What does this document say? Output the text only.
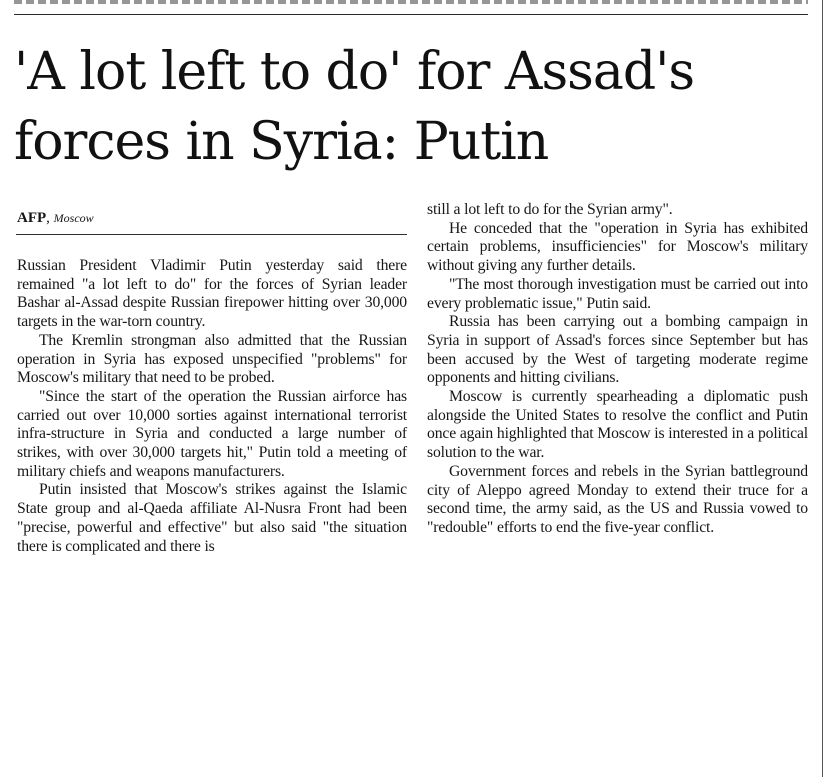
'A lot left to do' for Assad's
forces in Syria: Putin
AFP, Moscow

Russian President Vladimir Putin yesterday said there remained "a lot left to do" for the forces of Syrian leader Bashar al-Assad despite Russian firepower hitting over 30,000 targets in the war-torn country.

The Kremlin strongman also admitted that the Russian operation in Syria has exposed unspecified "problems" for Moscow's military that need to be probed.

"Since the start of the operation the Russian airforce has carried out over 10,000 sorties against international terrorist infra-structure in Syria and conducted a large number of strikes, with over 30,000 targets hit," Putin told a meeting of military chiefs and weapons manufacturers.

Putin insisted that Moscow's strikes against the Islamic State group and al-Qaeda affiliate Al-Nusra Front had been "precise, powerful and effective" but also said "the situation there is complicated and there is

still a lot left to do for the Syrian army".

He conceded that the "operation in Syria has exhibited certain problems, insufficiencies" for Moscow's military without giving any further details.

"The most thorough investigation must be carried out into every problematic issue," Putin said.

Russia has been carrying out a bombing campaign in Syria in support of Assad's forces since September but has been accused by the West of targeting moderate regime opponents and hitting civilians.

Moscow is currently spearheading a diplomatic push alongside the United States to resolve the conflict and Putin once again highlighted that Moscow is interested in a political solution to the war.

Government forces and rebels in the Syrian battleground city of Aleppo agreed Monday to extend their truce for a second time, the army said, as the US and Russia vowed to "redouble" efforts to end the five-year conflict.
